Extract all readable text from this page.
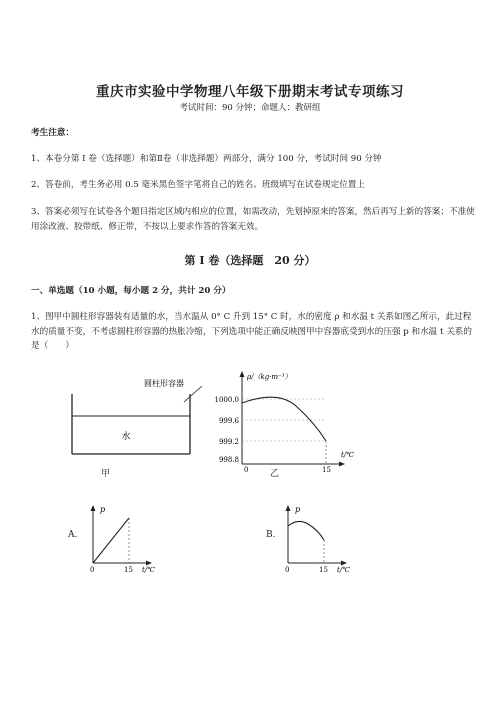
重庆市实验中学物理八年级下册期末考试专项练习
考试时间：90 分钟；命题人：教研组
考生注意：
1、本卷分第 I 卷（选择题）和第Ⅱ卷（非选择题）两部分，满分 100 分，考试时间 90 分钟
2、答卷前，考生务必用 0.5 毫米黑色签字笔将自己的姓名、班级填写在试卷规定位置上
3、答案必须写在试卷各个题目指定区域内相应的位置，如需改动，先划掉原来的答案，然后再写上新的答案；不准使用涂改液、胶带纸、修正带，不按以上要求作答的答案无效。
第 I 卷（选择题　20 分）
一、单选题（10 小题，每小题 2 分，共计 20 分）
1、图甲中圆柱形容器装有适量的水，当水温从 0° C 升到 15° C 时，水的密度 ρ 和水温 t 关系如图乙所示，此过程水的质量不变，不考虑圆柱形容器的热胀冷缩，下列选项中能正确反映图甲中容器底受到水的压强 p 和水温 t 关系的是（　　）
圆柱形容器
水
甲
1000.0
999.6
999.2
998.8
0	15
ρ/（kg·m⁻³）
t/℃
乙
A.
p
0	15 t/℃
B.
p
0	15 t/℃
